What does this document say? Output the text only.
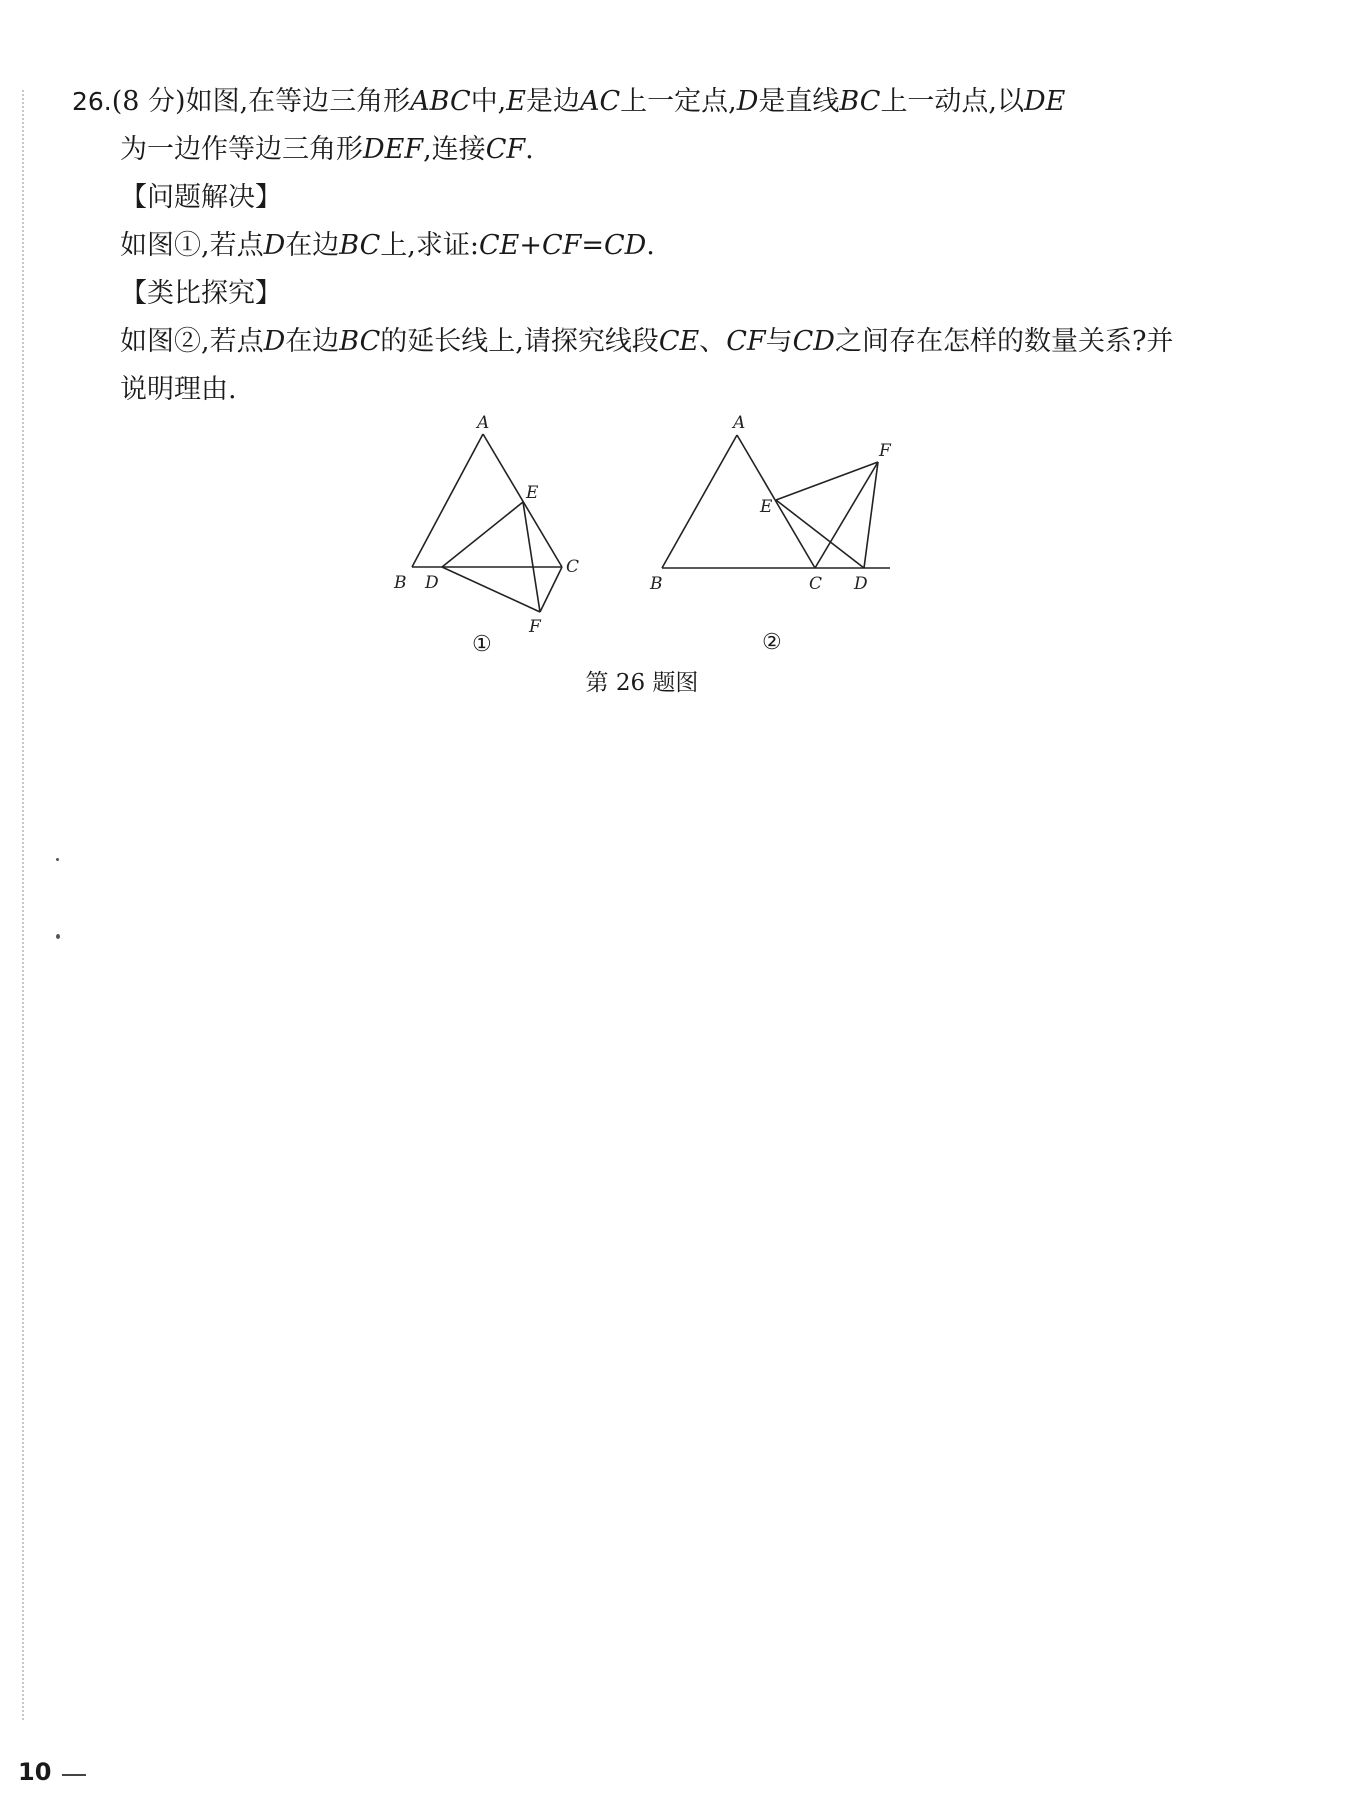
26.(8 分)如图,在等边三角形ABC中,E是边AC上一定点,D是直线BC上一动点,以DE
为一边作等边三角形DEF,连接CF.

【问题解决】

如图①,若点D在边BC上,求证:CE+CF=CD.

【类比探究】

如图②,若点D在边BC的延长线上,请探究线段CE、CF与CD之间存在怎样的数量关系?并说明理由.

A
B D
C
E
F
A
B	C D
E
F
①	②
第 26 题图
10
